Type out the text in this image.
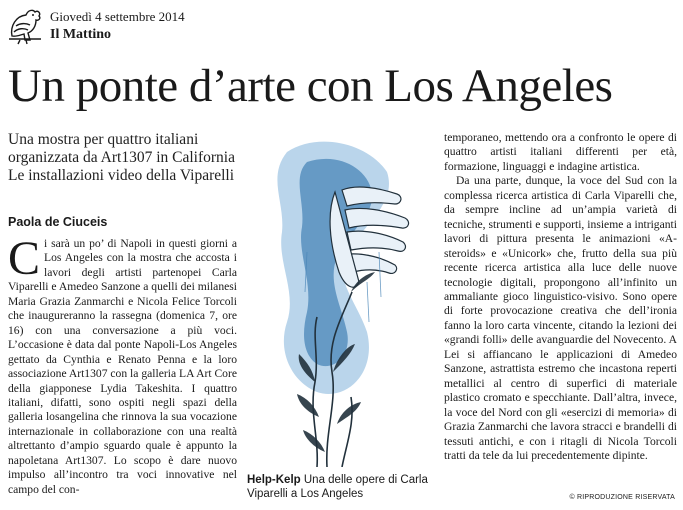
Giovedì 4 settembre 2014
Il Mattino
Un ponte d’arte con Los Angeles
Una mostra per quattro italiani
organizzata da Art1307 in California
Le installazioni video della Viparelli
Paola de Ciuceis

C i sarà un po’ di Napoli in questi giorni a Los Angeles con la mostra che accosta i lavori degli artisti partenopei Carla Viparelli e Amedeo Sanzone a quelli dei milanesi Maria Grazia Zanmarchi e Nicola Felice Torcoli che inaugureranno la rassegna (domenica 7, ore 16) con una conversazione a più voci. L’occasione è data dal ponte Napoli-Los Angeles gettato da Cynthia e Renato Penna e la loro associazione Art1307 con la galleria LA Art Core della giapponese Lydia Takeshita. I quattro italiani, difatti, sono ospiti negli spazi della galleria losangelina che rinnova la sua vocazione internazionale in collaborazione con una realtà altrettanto d’ampio sguardo quale è appunto la napoletana Art1307. Lo scopo è dare nuovo impulso all’incontro tra voci innovative nel campo del con-

Help-Kelp Una delle opere di Carla Viparelli a Los Angeles

temporaneo, mettendo ora a confronto le opere di quattro artisti italiani differenti per età, formazione, linguaggi e indagine artistica.

Da una parte, dunque, la voce del Sud con la complessa ricerca artistica di Carla Viparelli che, da sempre incline ad un’ampia varietà di tecniche, strumenti e supporti, insieme a intriganti lavori di pittura presenta le animazioni «A-steroids» e «Unicork» che, frutto della sua più recente ricerca artistica alla luce delle nuove tecnologie digitali, propongono all’infinito un ammaliante gioco linguistico-visivo. Sono opere di forte provocazione creativa che dell’ironia fanno la loro carta vincente, citando la lezioni dei «grandi folli» delle avanguardie del Novecento. A Lei si affiancano le applicazioni di Amedeo Sanzone, astrattista estremo che incastona reperti metallici al centro di superfici di materiale plastico cromato e specchiante. Dall’altra, invece, la voce del Nord con gli «esercizi di memoria» di Grazia Zanmarchi che lavora stracci e brandelli di tessuti antichi, e con i ritagli di Nicola Torcoli tratti da tele da lui precedentemente dipinte.

© RIPRODUZIONE RISERVATA
